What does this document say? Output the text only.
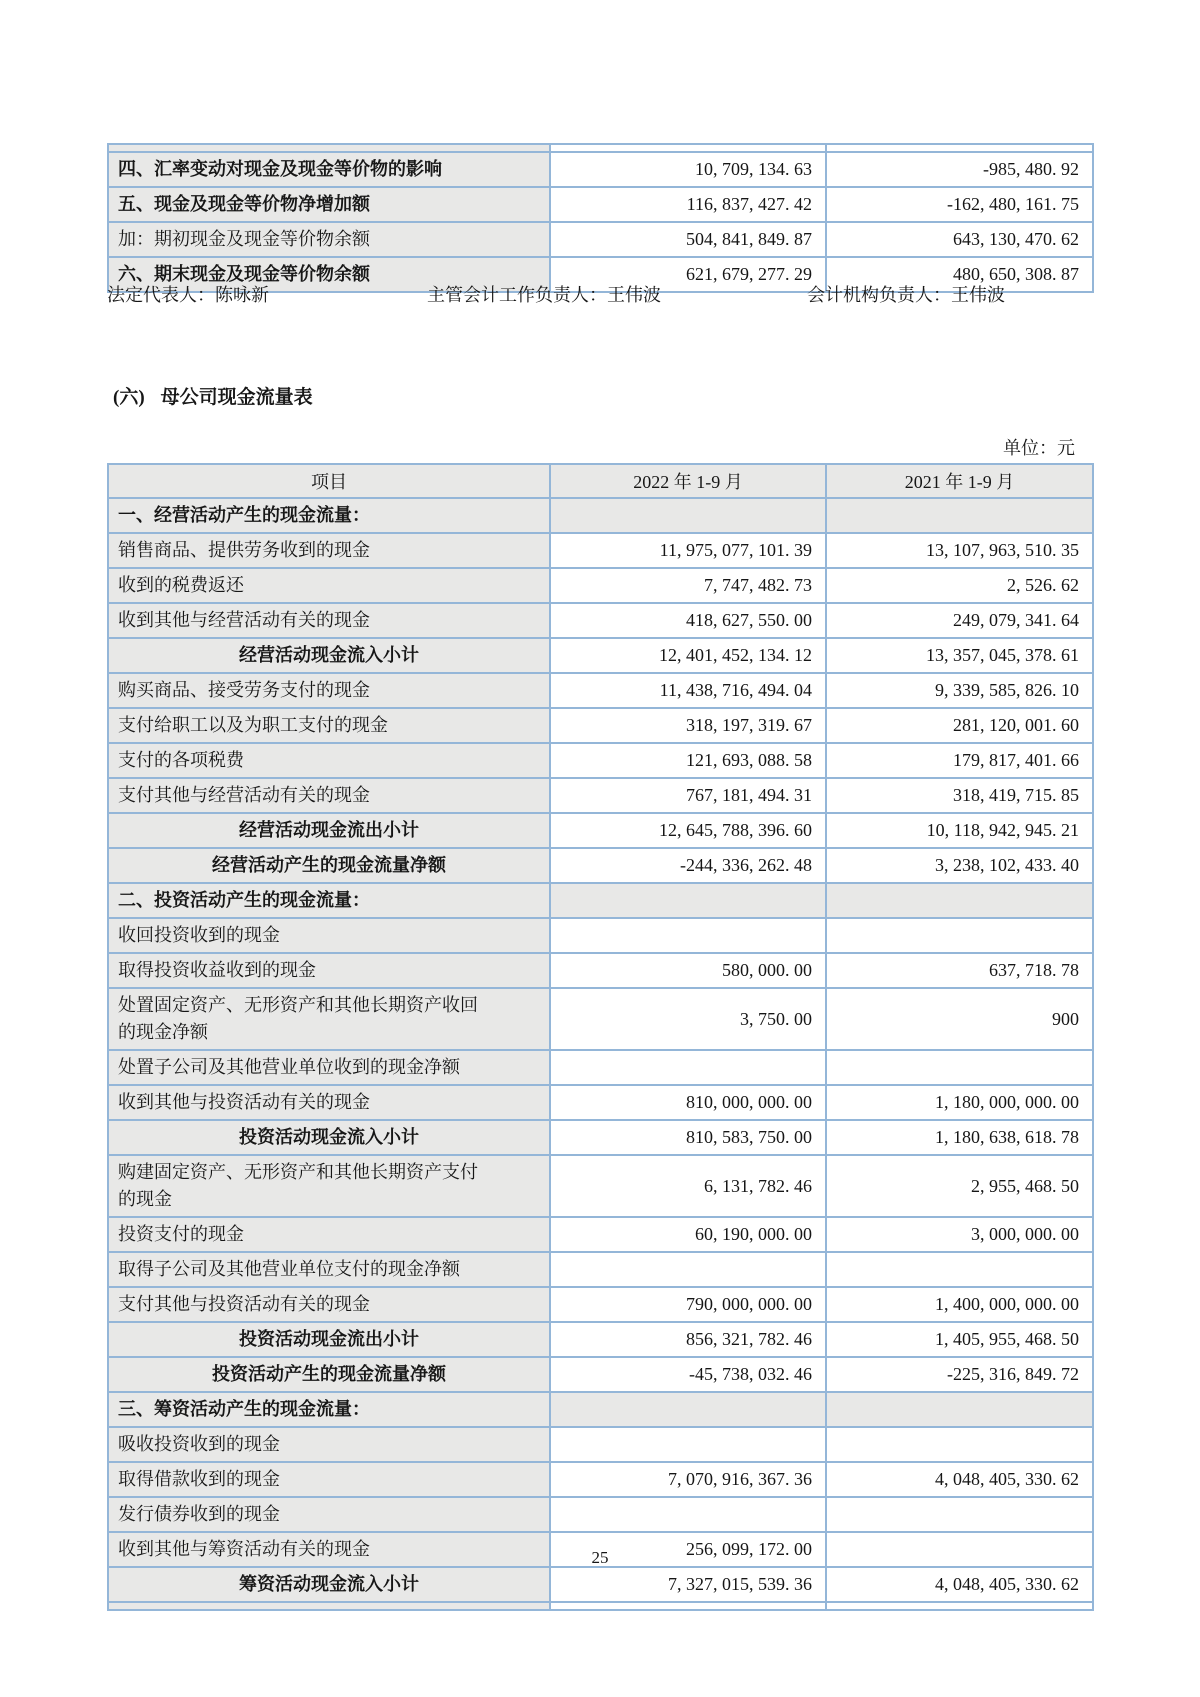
四、汇率变动对现金及现金等价物的影响	10, 709, 134. 63	-985, 480. 92
五、现金及现金等价物净增加额	116, 837, 427. 42	-162, 480, 161. 75
加：期初现金及现金等价物余额	504, 841, 849. 87	643, 130, 470. 62
六、期末现金及现金等价物余额	621, 679, 277. 29	480, 650, 308. 87
法定代表人：陈咏新	主管会计工作负责人：王伟波	会计机构负责人：王伟波
(六) 母公司现金流量表
单位：元
项目	2022 年 1-9 月	2021 年 1-9 月
一、经营活动产生的现金流量：		
销售商品、提供劳务收到的现金	11, 975, 077, 101. 39	13, 107, 963, 510. 35
收到的税费返还	7, 747, 482. 73	2, 526. 62
收到其他与经营活动有关的现金	418, 627, 550. 00	249, 079, 341. 64
经营活动现金流入小计	12, 401, 452, 134. 12	13, 357, 045, 378. 61
购买商品、接受劳务支付的现金	11, 438, 716, 494. 04	9, 339, 585, 826. 10
支付给职工以及为职工支付的现金	318, 197, 319. 67	281, 120, 001. 60
支付的各项税费	121, 693, 088. 58	179, 817, 401. 66
支付其他与经营活动有关的现金	767, 181, 494. 31	318, 419, 715. 85
经营活动现金流出小计	12, 645, 788, 396. 60	10, 118, 942, 945. 21
经营活动产生的现金流量净额	-244, 336, 262. 48	3, 238, 102, 433. 40
二、投资活动产生的现金流量：		
收回投资收到的现金		
取得投资收益收到的现金	580, 000. 00	637, 718. 78
处置固定资产、无形资产和其他长期资产收回的现金净额	3, 750. 00	900
处置子公司及其他营业单位收到的现金净额		
收到其他与投资活动有关的现金	810, 000, 000. 00	1, 180, 000, 000. 00
投资活动现金流入小计	810, 583, 750. 00	1, 180, 638, 618. 78
购建固定资产、无形资产和其他长期资产支付的现金	6, 131, 782. 46	2, 955, 468. 50
投资支付的现金	60, 190, 000. 00	3, 000, 000. 00
取得子公司及其他营业单位支付的现金净额		
支付其他与投资活动有关的现金	790, 000, 000. 00	1, 400, 000, 000. 00
投资活动现金流出小计	856, 321, 782. 46	1, 405, 955, 468. 50
投资活动产生的现金流量净额	-45, 738, 032. 46	-225, 316, 849. 72
三、筹资活动产生的现金流量：		
吸收投资收到的现金		
取得借款收到的现金	7, 070, 916, 367. 36	4, 048, 405, 330. 62
发行债券收到的现金		
收到其他与筹资活动有关的现金	256, 099, 172. 00	
筹资活动现金流入小计	7, 327, 015, 539. 36	4, 048, 405, 330. 62

25
